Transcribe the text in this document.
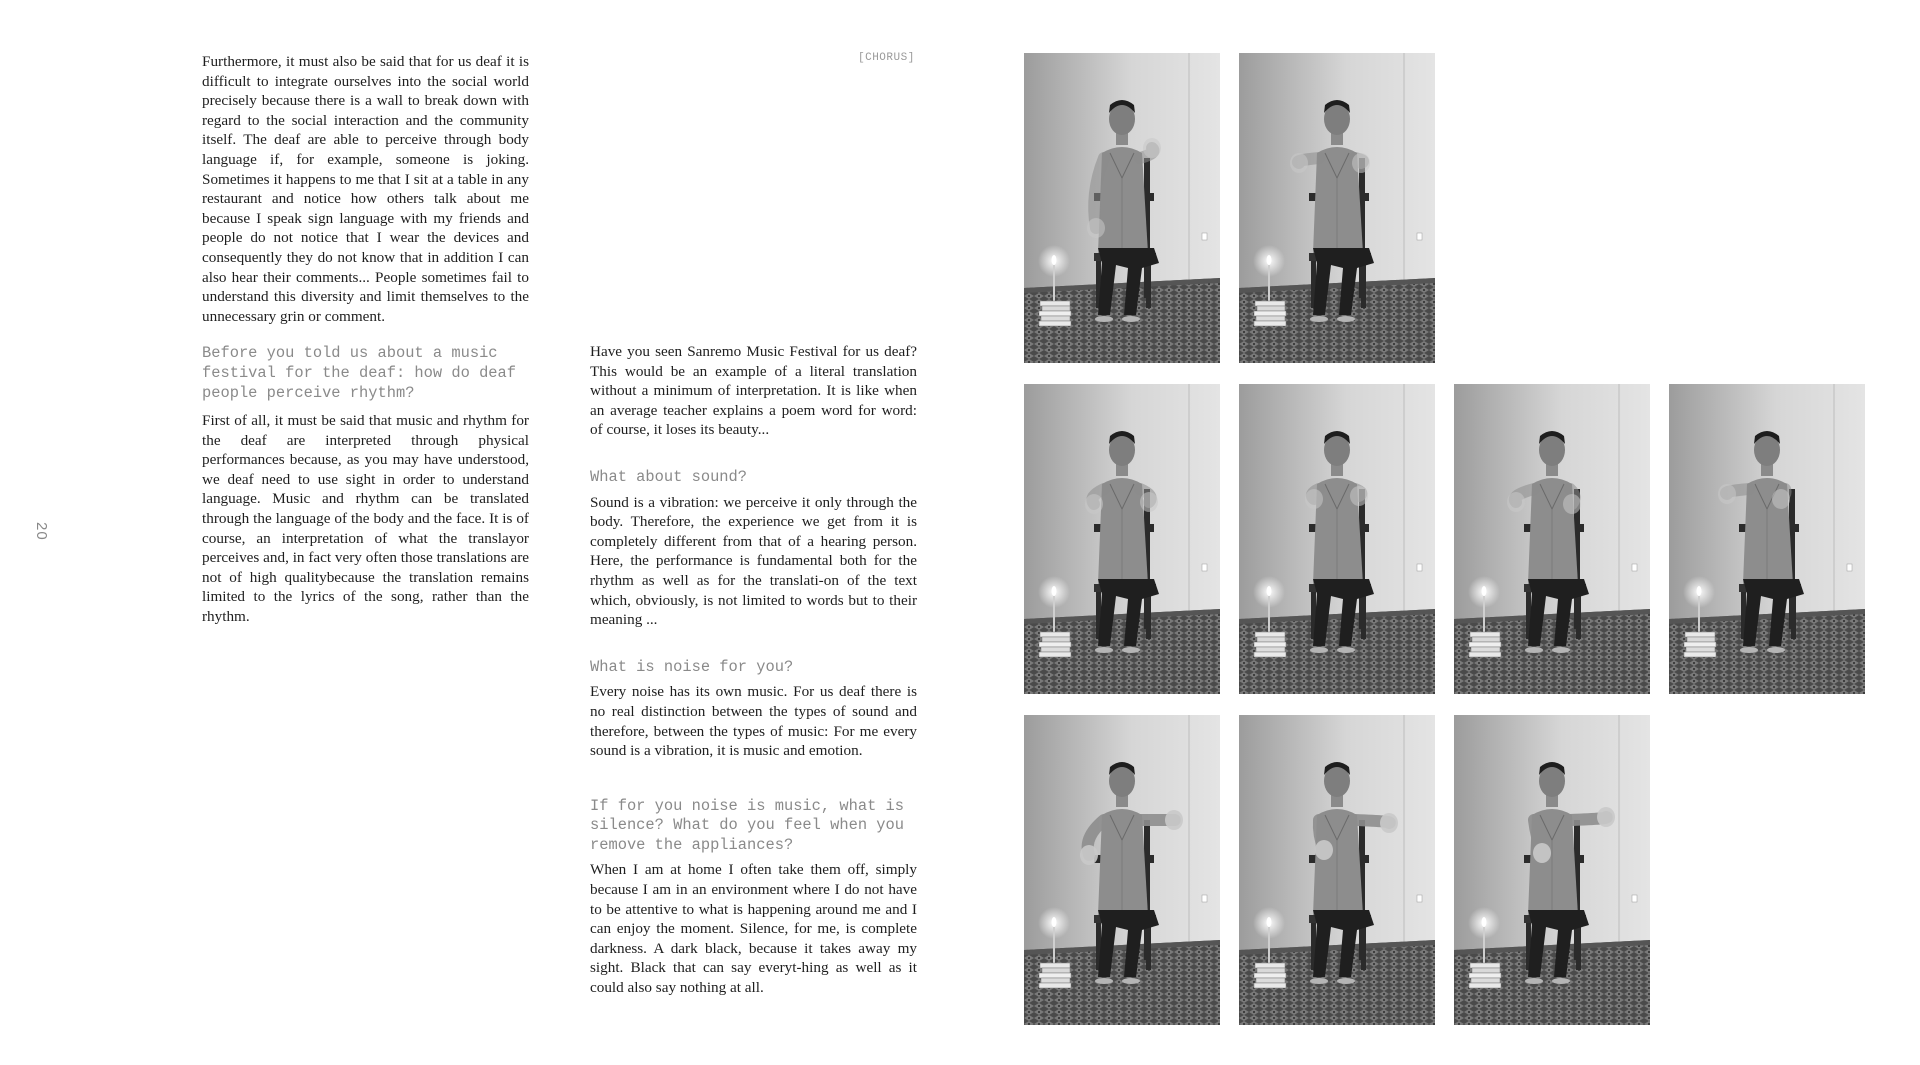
20

Furthermore, it must also be said that for us deaf it is difficult to integrate ourselves into the social world precisely because there is a wall to break down with regard to the social interaction and the community itself. The deaf are able to perceive through body language if, for example, someone is joking. Sometimes it happens to me that I sit at a table in any restaurant and notice how others talk about me because I speak sign language with my friends and people do not notice that I wear the devices and consequently they do not know that in addition I can also hear their comments... People sometimes fail to understand this diversity and limit themselves to the unnecessary grin or comment.

Before you told us about a music festival for the deaf: how do deaf people perceive rhythm?

First of all, it must be said that music and rhythm for the deaf are interpreted through physical performances because, as you may have understood, we deaf need to use sight in order to understand language. Music and rhythm can be translated through the language of the body and the face. It is of course, an interpretation of what the translayor perceives and, in fact very often those translations are not of high qualitybecause the translation remains limited to the lyrics of the song, rather than the rhythm.

[CHORUS]

Have you seen Sanremo Music Festival for us deaf? This would be an example of a literal translation without a minimum of interpretation. It is like when an average teacher explains a poem word for word: of course, it loses its beauty...

What about sound?

Sound is a vibration: we perceive it only through the body. Therefore, the experience we get from it is completely different from that of a hearing person. Here, the performance is fundamental both for the rhythm as well as for the translati-on of the text which, obviously, is not limited to words but to their meaning ...

What is noise for you?

Every noise has its own music. For us deaf there is no real distinction between the types of sound and therefore, between the types of music: For me every sound is a vibration, it is music and emotion.

If for you noise is music, what is silence? What do you feel when you remove the appliances?

When I am at home I often take them off, simply because I am in an environment where I do not have to be attentive to what is happening around me and I can enjoy the moment. Silence, for me, is complete darkness. A dark black, because it takes away my sight. Black that can say everyt-hing as well as it could also say nothing at all.
